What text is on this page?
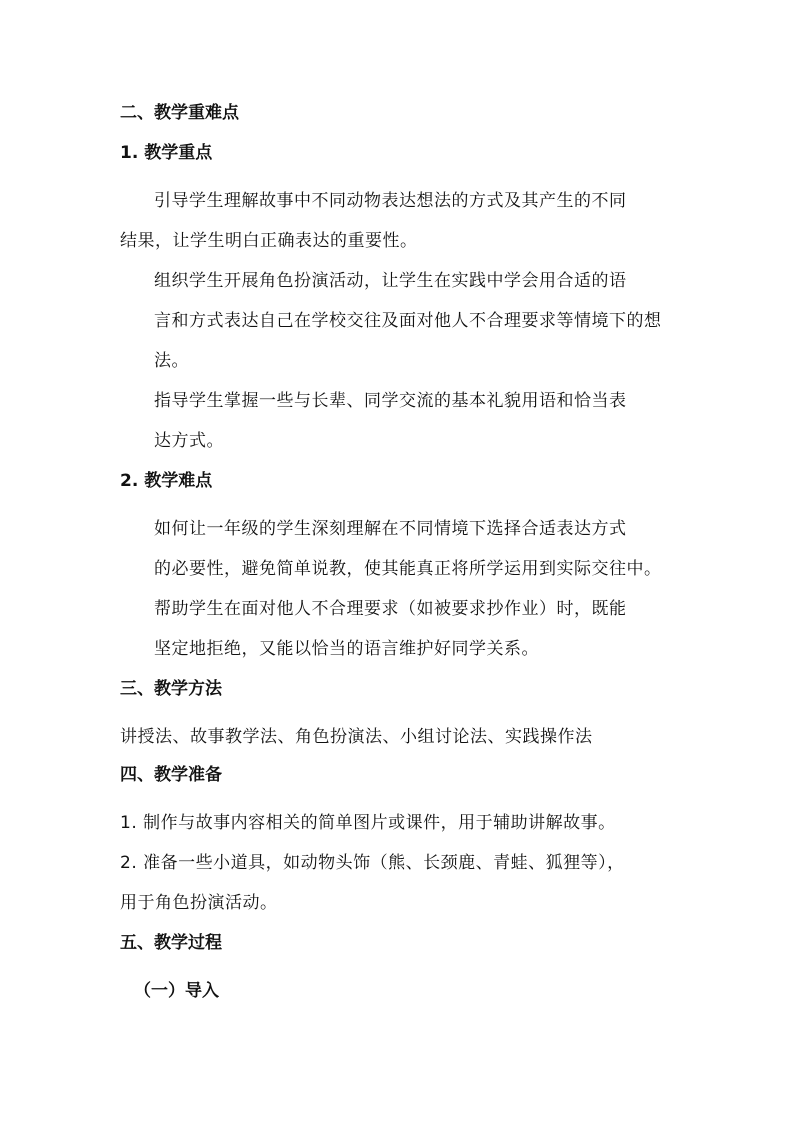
二、教学重难点
1. 教学重点
引导学生理解故事中不同动物表达想法的方式及其产生的不同
结果，让学生明白正确表达的重要性。
组织学生开展角色扮演活动，让学生在实践中学会用合适的语
言和方式表达自己在学校交往及面对他人不合理要求等情境下的想
法。
指导学生掌握一些与长辈、同学交流的基本礼貌用语和恰当表
达方式。
2. 教学难点
如何让一年级的学生深刻理解在不同情境下选择合适表达方式
的必要性，避免简单说教，使其能真正将所学运用到实际交往中。
帮助学生在面对他人不合理要求（如被要求抄作业）时，既能
坚定地拒绝，又能以恰当的语言维护好同学关系。
三、教学方法
讲授法、故事教学法、角色扮演法、小组讨论法、实践操作法
四、教学准备
1. 制作与故事内容相关的简单图片或课件，用于辅助讲解故事。
2. 准备一些小道具，如动物头饰（熊、长颈鹿、青蛙、狐狸等），
用于角色扮演活动。
五、教学过程
（一）导入
